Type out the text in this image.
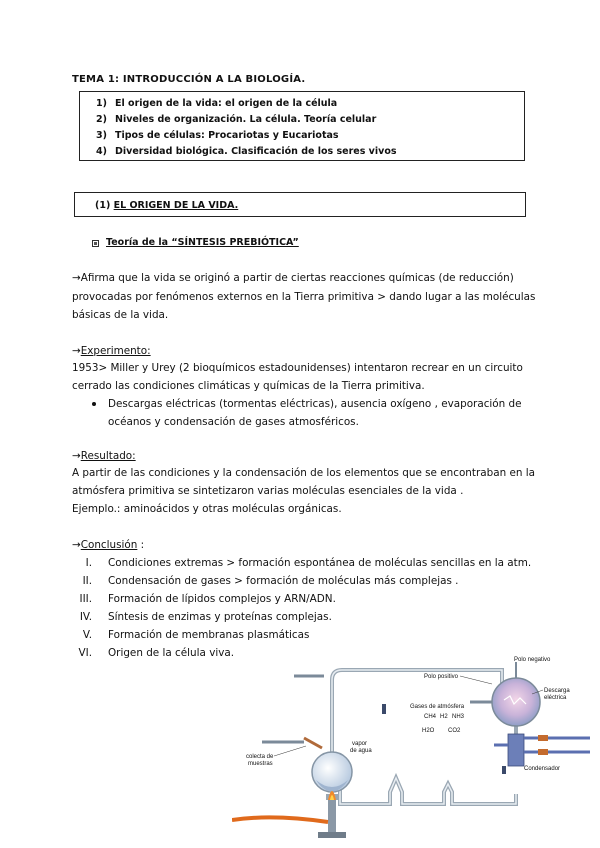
TEMA 1: INTRODUCCIÓN A LA BIOLOGÍA.
1) El origen de la vida: el origen de la célula
2) Niveles de organización. La célula. Teoría celular
3) Tipos de células: Procariotas y Eucariotas
4) Diversidad biológica. Clasificación de los seres vivos
(1) EL ORIGEN DE LA VIDA.
Teoría de la “SÍNTESIS PREBIÓTICA”
→Afirma que la vida se originó a partir de ciertas reacciones químicas (de reducción)
provocadas por fenómenos externos en la Tierra primitiva > dando lugar a las moléculas
básicas de la vida.
→Experimento:
1953> Miller y Urey (2 bioquímicos estadounidenses) intentaron recrear en un circuito
cerrado las condiciones climáticas y químicas de la Tierra primitiva.
Descargas eléctricas (tormentas eléctricas), ausencia oxígeno , evaporación de
océanos y condensación de gases atmosféricos.
→Resultado:
A partir de las condiciones y la condensación de los elementos que se encontraban en la
atmósfera primitiva se sintetizaron varias moléculas esenciales de la vida .
Ejemplo.: aminoácidos y otras moléculas orgánicas.
→Conclusión :
I. Condiciones extremas > formación espontánea de moléculas sencillas en la atm.
II. Condensación de gases > formación de moléculas más complejas .
III. Formación de lípidos complejos y ARN/ADN.
IV. Síntesis de enzimas y proteínas complejas.
V. Formación de membranas plasmáticas
VI. Origen de la célula viva.
Polo negativo
Polo positivo
Gases de atmósfera
CH4 H2 NH3
H2O CO2
Descarga
eléctrica
vapor
de agua
colecta de
muestras
Condensador
